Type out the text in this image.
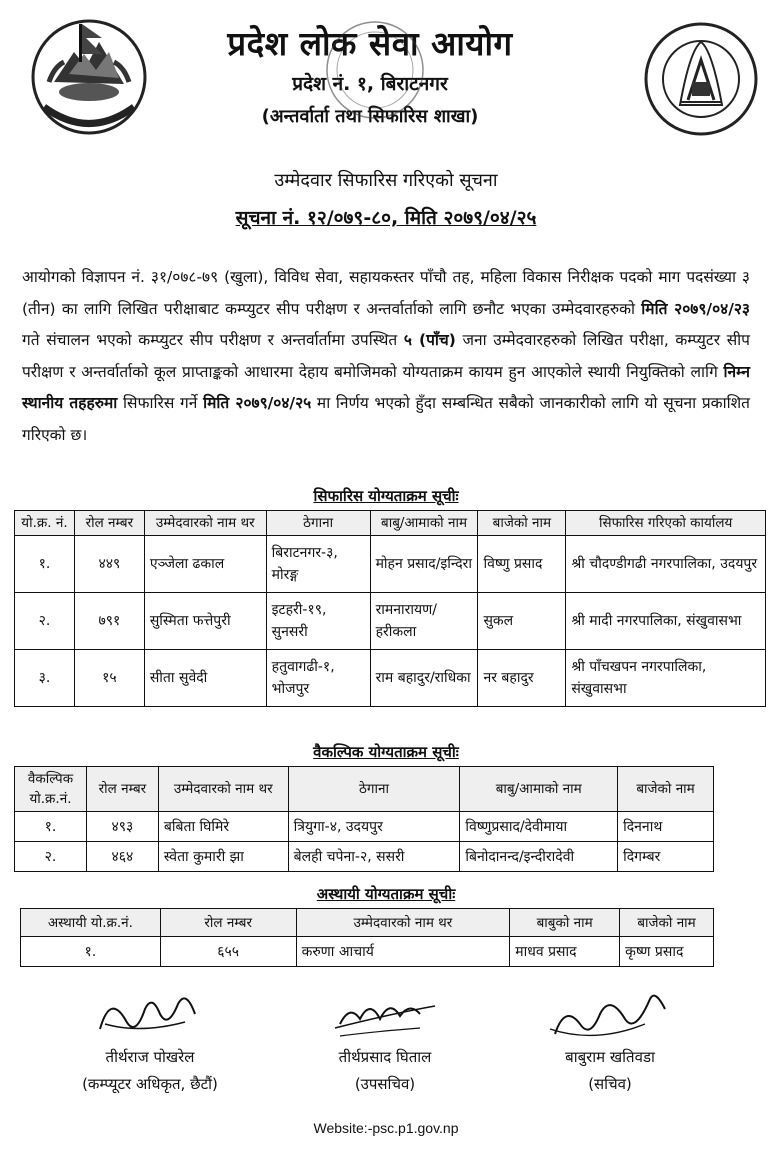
प्रदेश लोक सेवा आयोग
प्रदेश नं. १, बिराटनगर
(अन्तर्वार्ता तथा सिफारिस शाखा)
उम्मेदवार सिफारिस गरिएको सूचना
सूचना नं. १२/०७९-८०, मिति २०७९/०४/२५
आयोगको विज्ञापन नं. ३१/०७८-७९ (खुला), विविध सेवा, सहायकस्तर पाँचौ तह, महिला विकास निरीक्षक पदको माग पदसंख्या ३ (तीन) का लागि लिखित परीक्षाबाट कम्प्युटर सीप परीक्षण र अन्तर्वार्ताको लागि छनौट भएका उम्मेदवारहरुको मिति २०७९/०४/२३ गते संचालन भएको कम्प्युटर सीप परीक्षण र अन्तर्वार्तामा उपस्थित ५ (पाँच) जना उम्मेदवारहरुको लिखित परीक्षा, कम्प्युटर सीप परीक्षण र अन्तर्वार्ताको कूल प्राप्ताङ्कको आधारमा देहाय बमोजिमको योग्यताक्रम कायम हुन आएकोले स्थायी नियुक्तिको लागि निम्न स्थानीय तहहरुमा सिफारिस गर्ने मिति २०७९/०४/२५ मा निर्णय भएको हुँदा सम्बन्धित सबैको जानकारीको लागि यो सूचना प्रकाशित गरिएको छ।
सिफारिस योग्यताक्रम सूचीः
यो.क्र. नं.	रोल नम्बर	उम्मेदवारको नाम थर	ठेगाना	बाबु/आमाको नाम	बाजेको नाम	सिफारिस गरिएको कार्यालय
१.	४४९	एञ्जेला ढकाल	बिराटनगर-३, मोरङ्ग	मोहन प्रसाद/इन्दिरा	विष्णु प्रसाद	श्री चौदण्डीगढी नगरपालिका, उदयपुर
२.	७९१	सुस्मिता फत्तेपुरी	इटहरी-१९, सुनसरी	रामनारायण/हरीकला	सुकल	श्री मादी नगरपालिका, संखुवासभा
३.	१५	सीता सुवेदी	हतुवागढी-१, भोजपुर	राम बहादुर/राधिका	नर बहादुर	श्री पाँचखपन नगरपालिका, संखुवासभा
वैकल्पिक योग्यताक्रम सूचीः
वैकल्पिक यो.क्र.नं.	रोल नम्बर	उम्मेदवारको नाम थर	ठेगाना	बाबु/आमाको नाम	बाजेको नाम
१.	४९३	बबिता घिमिरे	त्रियुगा-४, उदयपुर	विष्णुप्रसाद/देवीमाया	दिननाथ
२.	४६४	स्वेता कुमारी झा	बेलही चपेना-२, ससरी	बिनोदानन्द/इन्दीरादेवी	दिगम्बर
अस्थायी योग्यताक्रम सूचीः
अस्थायी यो.क्र.नं.	रोल नम्बर	उम्मेदवारको नाम थर	बाबुको नाम	बाजेको नाम
१.	६५५	करुणा आचार्य	माधव प्रसाद	कृष्ण प्रसाद
तीर्थराज पोखरेल
(कम्प्यूटर अधिकृत, छैटौं)
तीर्थप्रसाद घिताल
(उपसचिव)
बाबुराम खतिवडा
(सचिव)
Website:-psc.p1.gov.np
